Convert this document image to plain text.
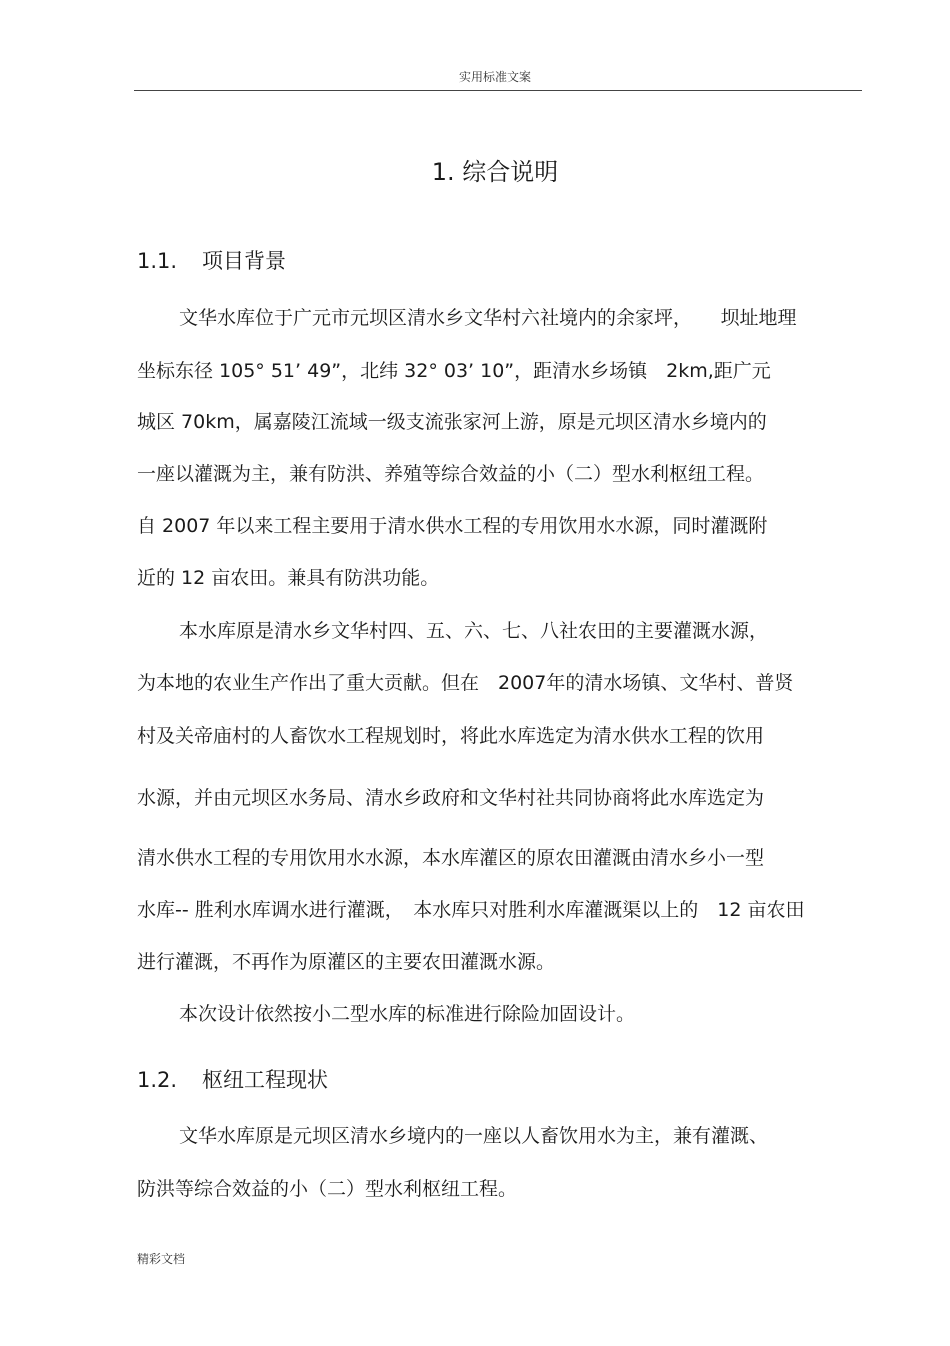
实用标准文案
1. 综合说明
1.1. 项目背景
文华水库位于广元市元坝区清水乡文华村六社境内的余家坪，　　坝址地理
坐标东径 105° 51’ 49”，北纬 32° 03’ 10”，距清水乡场镇　2km,距广元
城区 70km，属嘉陵江流域一级支流张家河上游，原是元坝区清水乡境内的
一座以灌溉为主，兼有防洪、养殖等综合效益的小（二）型水利枢纽工程。
自 2007 年以来工程主要用于清水供水工程的专用饮用水水源，同时灌溉附
近的 12 亩农田。兼具有防洪功能。
本水库原是清水乡文华村四、五、六、七、八社农田的主要灌溉水源，
为本地的农业生产作出了重大贡献。但在　2007年的清水场镇、文华村、普贤
村及关帝庙村的人畜饮水工程规划时，将此水库选定为清水供水工程的饮用
水源，并由元坝区水务局、清水乡政府和文华村社共同协商将此水库选定为
清水供水工程的专用饮用水水源，本水库灌区的原农田灌溉由清水乡小一型
水库-- 胜利水库调水进行灌溉，　本水库只对胜利水库灌溉渠以上的　12 亩农田
进行灌溉，不再作为原灌区的主要农田灌溉水源。
本次设计依然按小二型水库的标准进行除险加固设计。
1.2. 枢纽工程现状
文华水库原是元坝区清水乡境内的一座以人畜饮用水为主，兼有灌溉、
防洪等综合效益的小（二）型水利枢纽工程。
精彩文档
